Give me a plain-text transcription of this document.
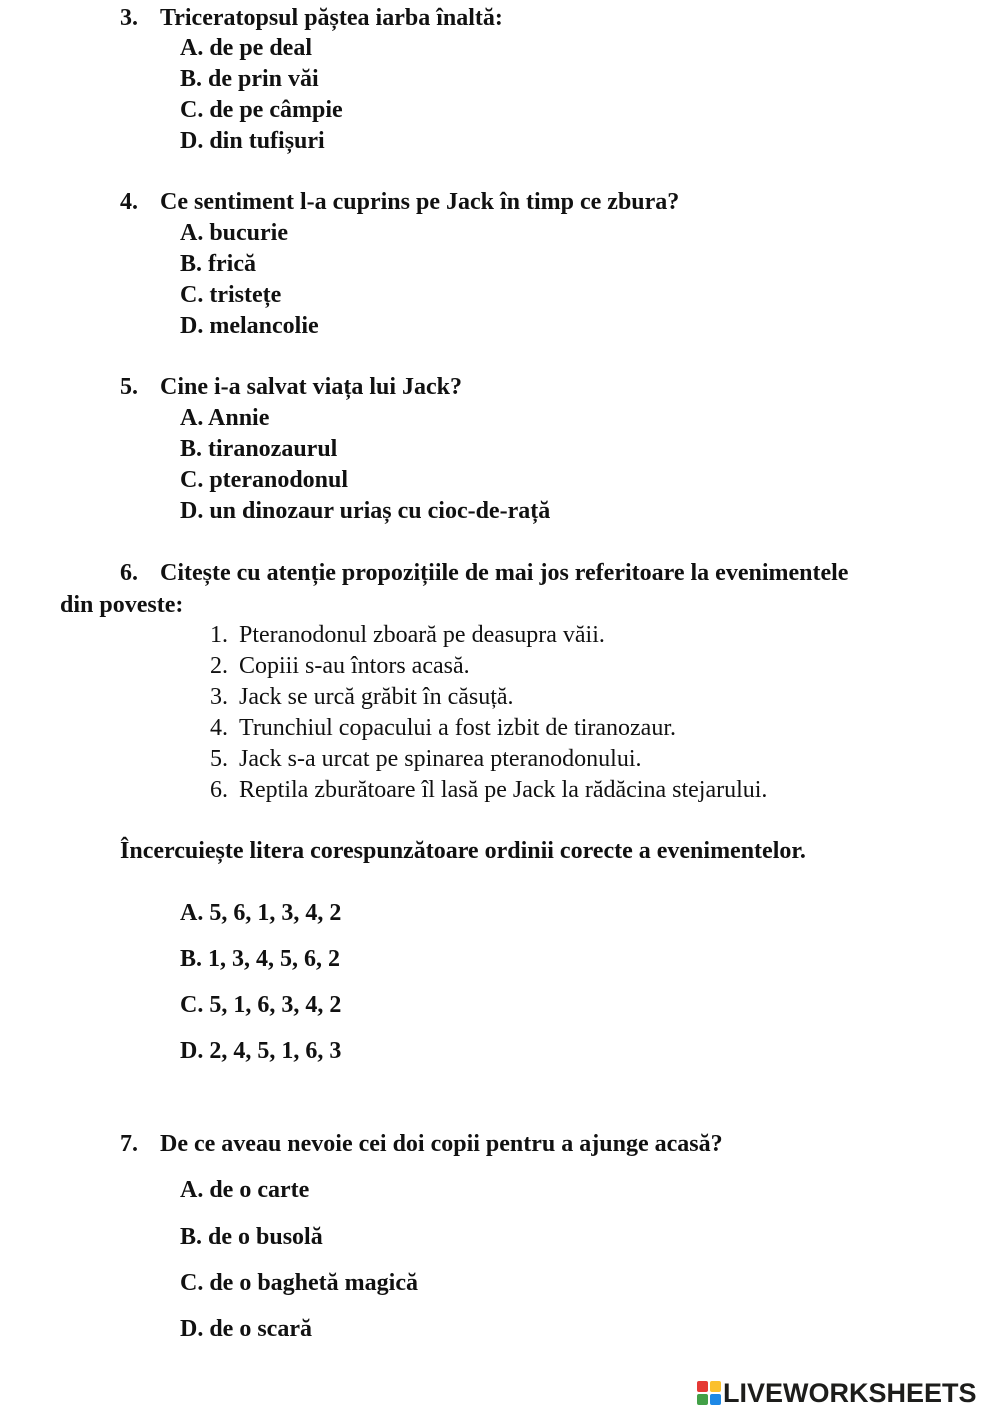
3. Triceratopsul păștea iarba înaltă:

A. de pe deal

B. de prin văi

C. de pe câmpie

D. din tufișuri

4. Ce sentiment l-a cuprins pe Jack în timp ce zbura?

A. bucurie

B. frică

C. tristețe

D. melancolie

5. Cine i-a salvat viața lui Jack?

A. Annie

B. tiranozaurul

C. pteranodonul

D. un dinozaur uriaș cu cioc-de-rață

6. Citește cu atenție propozițiile de mai jos referitoare la evenimentele

din poveste:

1. Pteranodonul zboară pe deasupra văii.

2. Copiii s-au întors acasă.

3. Jack se urcă grăbit în căsuță.

4. Trunchiul copacului a fost izbit de tiranozaur.

5. Jack s-a urcat pe spinarea pteranodonului.

6. Reptila zburătoare îl lasă pe Jack la rădăcina stejarului.

Încercuiește litera corespunzătoare ordinii corecte a evenimentelor.

A. 5, 6, 1, 3, 4, 2

B. 1, 3, 4, 5, 6, 2

C. 5, 1, 6, 3, 4, 2

D. 2, 4, 5, 1, 6, 3

7. De ce aveau nevoie cei doi copii pentru a ajunge acasă?

A. de o carte

B. de o busolă

C. de o baghetă magică

D. de o scară

LIVEWORKSHEETS
